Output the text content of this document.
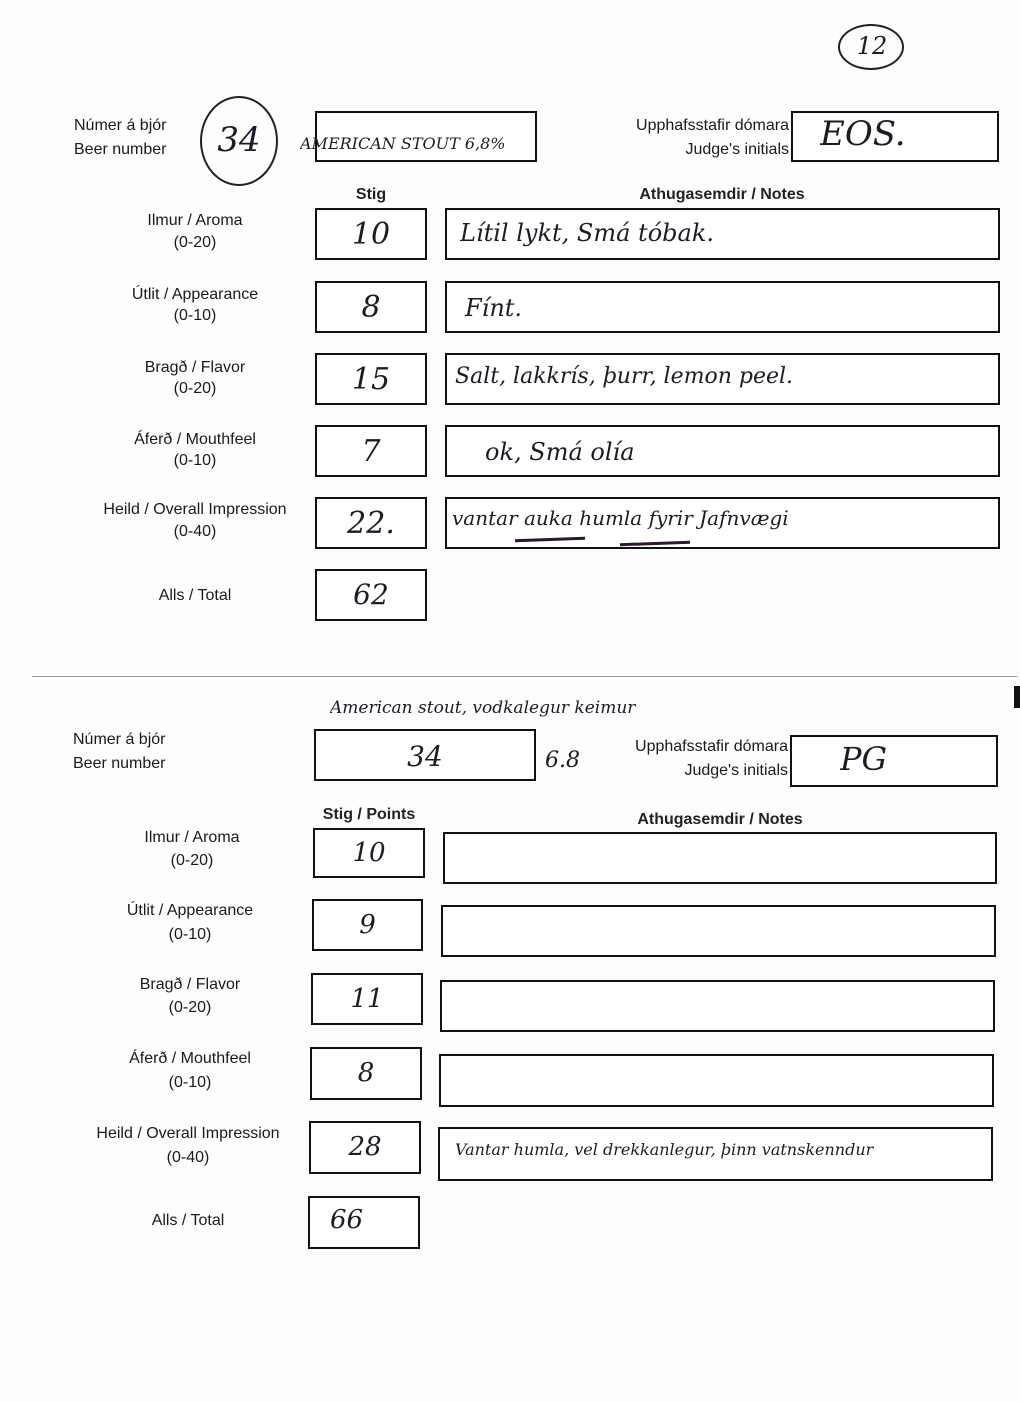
12
Númer á bjór
Beer number	34	AMERICAN STOUT 6,8%
Upphafsstafir dómara
Judge's initials EOS.
Stig	Athugasemdir / Notes
Ilmur / Aroma
(0-20)	10	Lítil lykt, Smá tóbak.
Útlit / Appearance
(0-10)	8	Fínt.
Bragð / Flavor
(0-20)	15	Salt, lakkrís, þurr, lemon peel.
Áferð / Mouthfeel
(0-10)	7	ok, Smá olía
Heild / Overall Impression
(0-40)	22.	vantar auka humla fyrir Jafnvægi
Alls / Total	62
American stout, vodkalegur keimur
Númer á bjór
Beer number	34	6.8
Upphafsstafir dómara
Judge's initials PG
Stig / Points	Athugasemdir / Notes
Ilmur / Aroma
(0-20)	10
Útlit / Appearance
(0-10)	9
Bragð / Flavor
(0-20)	11
Áferð / Mouthfeel
(0-10)	8
Heild / Overall Impression
(0-40)	28	Vantar humla, vel drekkanlegur, þinn vatnskenndur
Alls / Total	66
